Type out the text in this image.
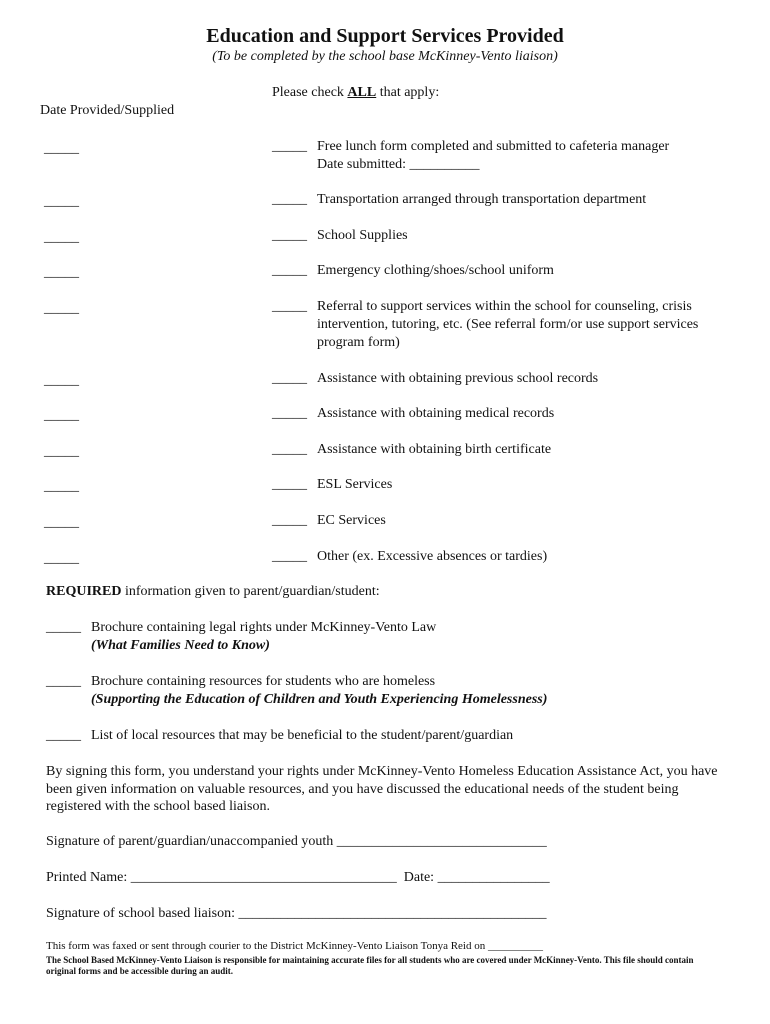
Education and Support Services Provided
(To be completed by the school base McKinney-Vento liaison)
Please check ALL that apply:
Date Provided/Supplied
_____	_____ Free lunch form completed and submitted to cafeteria manager
Date submitted: __________
_____	_____ Transportation arranged through transportation department
_____	_____ School Supplies
_____	_____ Emergency clothing/shoes/school uniform
_____	_____ Referral to support services within the school for counseling, crisis intervention, tutoring, etc. (See referral form/or use support services program form)
_____	_____ Assistance with obtaining previous school records
_____	_____ Assistance with obtaining medical records
_____	_____ Assistance with obtaining birth certificate
_____	_____ ESL Services
_____	_____ EC Services
_____	_____ Other (ex. Excessive absences or tardies)
REQUIRED information given to parent/guardian/student:
_____ Brochure containing legal rights under McKinney-Vento Law
(What Families Need to Know)
_____ Brochure containing resources for students who are homeless
(Supporting the Education of Children and Youth Experiencing Homelessness)
_____ List of local resources that may be beneficial to the student/parent/guardian
By signing this form, you understand your rights under McKinney-Vento Homeless Education Assistance Act, you have been given information on valuable resources, and you have discussed the educational needs of the student being registered with the school based liaison.
Signature of parent/guardian/unaccompanied youth ______________________________
Printed Name: ______________________________________  Date: ________________
Signature of school based liaison: ____________________________________________
This form was faxed or sent through courier to the District McKinney-Vento Liaison Tonya Reid on __________
The School Based McKinney-Vento Liaison is responsible for maintaining accurate files for all students who are covered under McKinney-Vento. This file should contain original forms and be accessible during an audit.
